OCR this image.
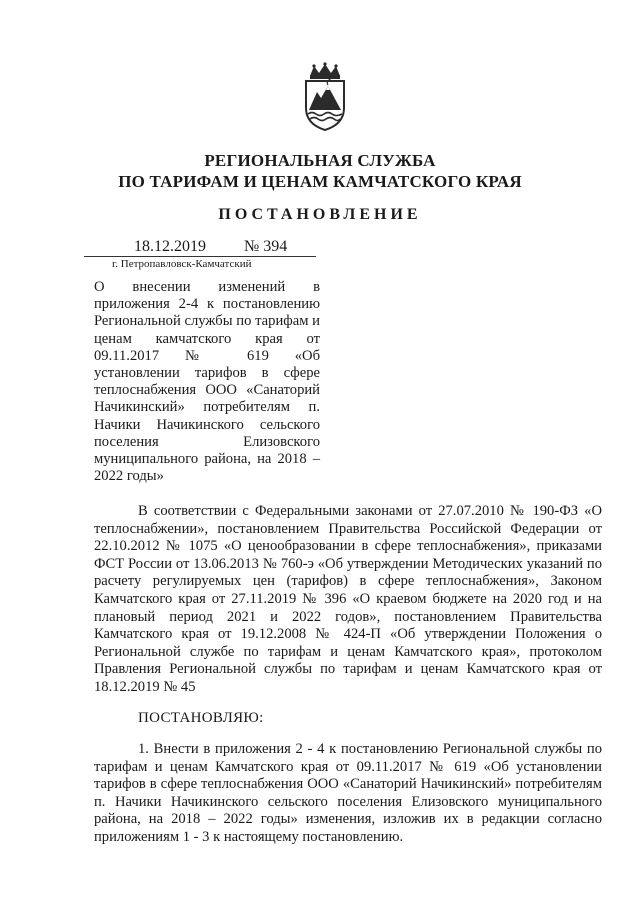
РЕГИОНАЛЬНАЯ СЛУЖБА
ПО ТАРИФАМ И ЦЕНАМ КАМЧАТСКОГО КРАЯ
ПОСТАНОВЛЕНИЕ
18.12.2019 № 394
г. Петропавловск-Камчатский
О внесении изменений в приложения 2-4 к постановлению Региональной службы по тарифам и ценам камчатского края от 09.11.2017 № 619 «Об установлении тарифов в сфере теплоснабжения ООО «Санаторий Начикинский» потребителям п. Начики Начикинского сельского поселения Елизовского муниципального района, на 2018 – 2022 годы»
В соответствии с Федеральными законами от 27.07.2010 № 190-ФЗ «О теплоснабжении», постановлением Правительства Российской Федерации от 22.10.2012 № 1075 «О ценообразовании в сфере теплоснабжения», приказами ФСТ России от 13.06.2013 № 760-э «Об утверждении Методических указаний по расчету регулируемых цен (тарифов) в сфере теплоснабжения», Законом Камчатского края от 27.11.2019 № 396 «О краевом бюджете на 2020 год и на плановый период 2021 и 2022 годов», постановлением Правительства Камчатского края от 19.12.2008 № 424-П «Об утверждении Положения о Региональной службе по тарифам и ценам Камчатского края», протоколом Правления Региональной службы по тарифам и ценам Камчатского края от 18.12.2019 № 45
ПОСТАНОВЛЯЮ:
1. Внести в приложения 2 - 4 к постановлению Региональной службы по тарифам и ценам Камчатского края от 09.11.2017 № 619 «Об установлении тарифов в сфере теплоснабжения ООО «Санаторий Начикинский» потребителям п. Начики Начикинского сельского поселения Елизовского муниципального района, на 2018 – 2022 годы» изменения, изложив их в редакции согласно приложениям 1 - 3 к настоящему постановлению.
